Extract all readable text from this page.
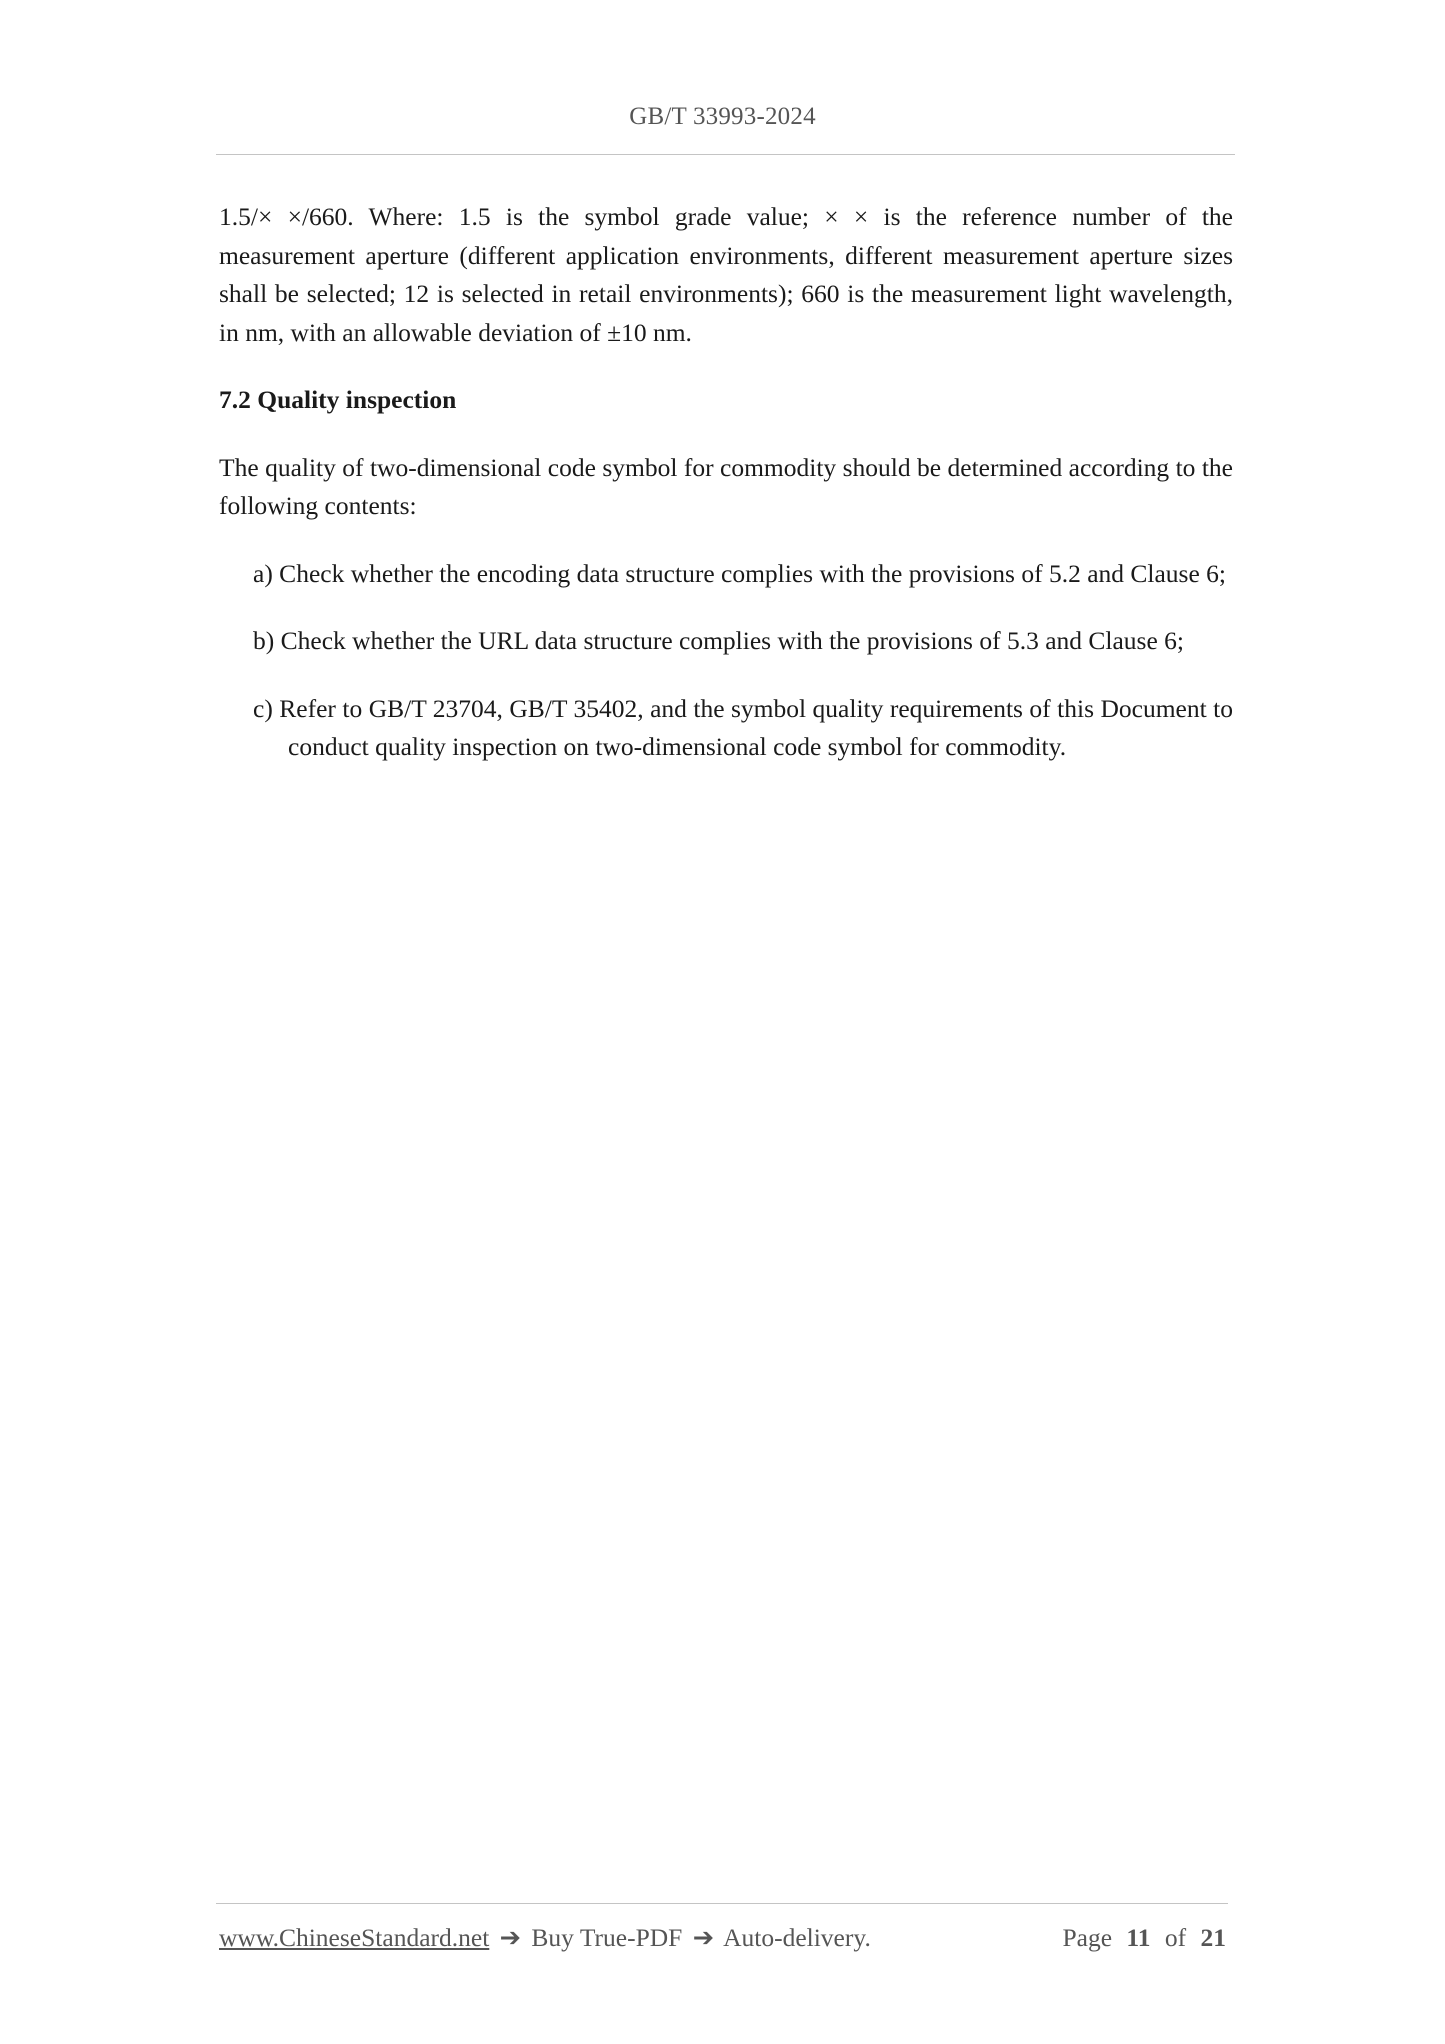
GB/T 33993-2024

1.5/× ×/660. Where: 1.5 is the symbol grade value; × × is the reference number of the measurement aperture (different application environments, different measurement aperture sizes shall be selected; 12 is selected in retail environments); 660 is the measurement light wavelength, in nm, with an allowable deviation of ±10 nm.

7.2 Quality inspection

The quality of two-dimensional code symbol for commodity should be determined according to the following contents:

a) Check whether the encoding data structure complies with the provisions of 5.2 and Clause 6;

b) Check whether the URL data structure complies with the provisions of 5.3 and Clause 6;

c) Refer to GB/T 23704, GB/T 35402, and the symbol quality requirements of this Document to conduct quality inspection on two-dimensional code symbol for commodity.

www.ChineseStandard.net ➔ Buy True-PDF ➔ Auto-delivery.	Page 11 of 21
